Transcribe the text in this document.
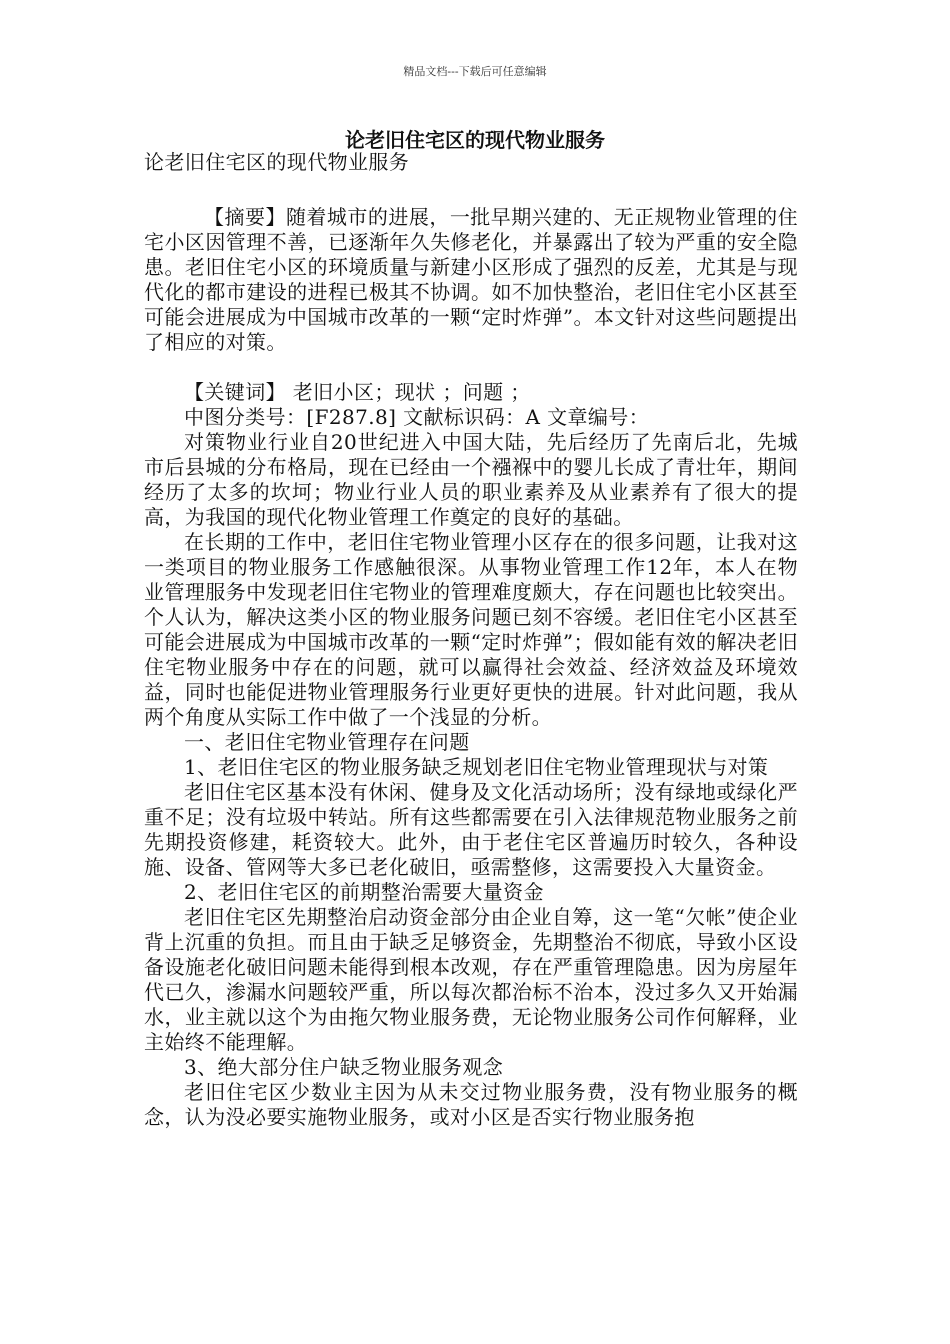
精品文档---下载后可任意编辑
论老旧住宅区的现代物业服务

论老旧住宅区的现代物业服务

【摘要】随着城市的进展，一批早期兴建的、无正规物业管理的住宅小区因管理不善，已逐渐年久失修老化，并暴露出了较为严重的安全隐患。老旧住宅小区的环境质量与新建小区形成了强烈的反差，尤其是与现代化的都市建设的进程已极其不协调。如不加快整治，老旧住宅小区甚至可能会进展成为中国城市改革的一颗“定时炸弹”。本文针对这些问题提出了相应的对策。

【关键词】 老旧小区；现状 ；问题 ；

中图分类号：[F287.8] 文献标识码：A 文章编号：

对策物业行业自20世纪进入中国大陆，先后经历了先南后北，先城市后县城的分布格局，现在已经由一个襁褓中的婴儿长成了青壮年，期间经历了太多的坎坷；物业行业人员的职业素养及从业素养有了很大的提高，为我国的现代化物业管理工作奠定的良好的基础。

在长期的工作中，老旧住宅物业管理小区存在的很多问题，让我对这一类项目的物业服务工作感触很深。从事物业管理工作12年，本人在物业管理服务中发现老旧住宅物业的管理难度颇大，存在问题也比较突出。个人认为，解决这类小区的物业服务问题已刻不容缓。老旧住宅小区甚至可能会进展成为中国城市改革的一颗“定时炸弹”；假如能有效的解决老旧住宅物业服务中存在的问题，就可以赢得社会效益、经济效益及环境效益，同时也能促进物业管理服务行业更好更快的进展。针对此问题，我从两个角度从实际工作中做了一个浅显的分析。

一、老旧住宅物业管理存在问题

1、老旧住宅区的物业服务缺乏规划老旧住宅物业管理现状与对策

老旧住宅区基本没有休闲、健身及文化活动场所；没有绿地或绿化严重不足；没有垃圾中转站。所有这些都需要在引入法律规范物业服务之前先期投资修建，耗资较大。此外，由于老住宅区普遍历时较久，各种设施、设备、管网等大多已老化破旧，亟需整修，这需要投入大量资金。

2、老旧住宅区的前期整治需要大量资金

老旧住宅区先期整治启动资金部分由企业自筹，这一笔“欠帐”使企业背上沉重的负担。而且由于缺乏足够资金，先期整治不彻底，导致小区设备设施老化破旧问题未能得到根本改观，存在严重管理隐患。因为房屋年代已久，渗漏水问题较严重，所以每次都治标不治本，没过多久又开始漏水，业主就以这个为由拖欠物业服务费，无论物业服务公司作何解释，业主始终不能理解。

3、绝大部分住户缺乏物业服务观念

老旧住宅区少数业主因为从未交过物业服务费，没有物业服务的概念，认为没必要实施物业服务，或对小区是否实行物业服务抱
